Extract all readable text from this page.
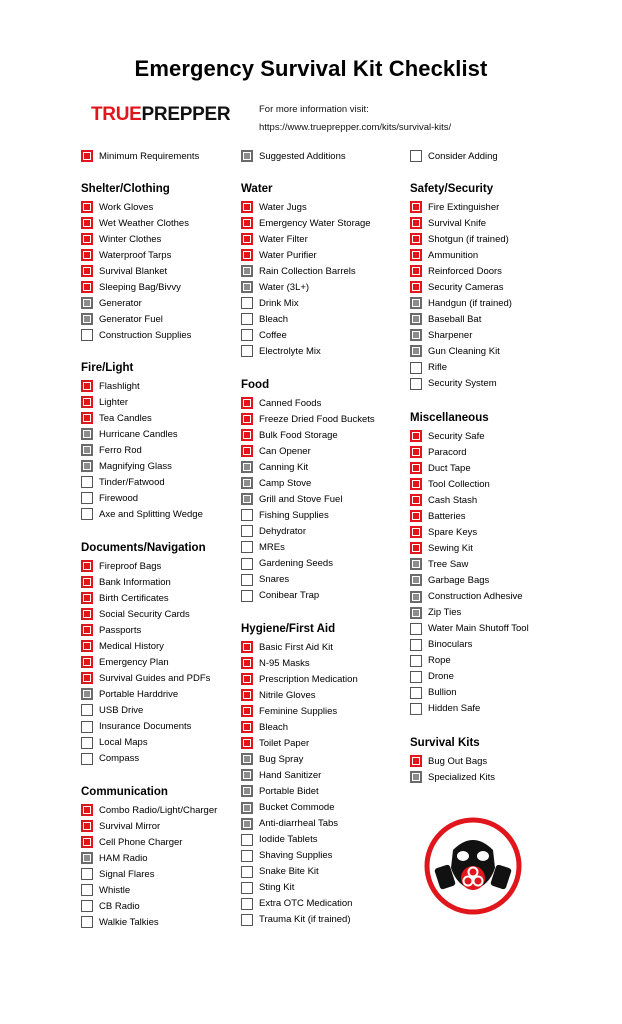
Emergency Survival Kit Checklist
TRUEPREPPER	For more information visit:
https://www.trueprepper.com/kits/survival-kits/
Minimum Requirements	Suggested Additions	Consider Adding
Shelter/Clothing
Work Gloves
Wet Weather Clothes
Winter Clothes
Waterproof Tarps
Survival Blanket
Sleeping Bag/Bivvy
Generator
Generator Fuel
Construction Supplies
Fire/Light
Flashlight
Lighter
Tea Candles
Hurricane Candles
Ferro Rod
Magnifying Glass
Tinder/Fatwood
Firewood
Axe and Splitting Wedge
Documents/Navigation
Fireproof Bags
Bank Information
Birth Certificates
Social Security Cards
Passports
Medical History
Emergency Plan
Survival Guides and PDFs
Portable Harddrive
USB Drive
Insurance Documents
Local Maps
Compass
Communication
Combo Radio/Light/Charger
Survival Mirror
Cell Phone Charger
HAM Radio
Signal Flares
Whistle
CB Radio
Walkie Talkies
Water
Water Jugs
Emergency Water Storage
Water Filter
Water Purifier
Rain Collection Barrels
Water (3L+)
Drink Mix
Bleach
Coffee
Electrolyte Mix
Food
Canned Foods
Freeze Dried Food Buckets
Bulk Food Storage
Can Opener
Canning Kit
Camp Stove
Grill and Stove Fuel
Fishing Supplies
Dehydrator
MREs
Gardening Seeds
Snares
Conibear Trap
Hygiene/First Aid
Basic First Aid Kit
N-95 Masks
Prescription Medication
Nitrile Gloves
Feminine Supplies
Bleach
Toilet Paper
Bug Spray
Hand Sanitizer
Portable Bidet
Bucket Commode
Anti-diarrheal Tabs
Iodide Tablets
Shaving Supplies
Snake Bite Kit
Sting Kit
Extra OTC Medication
Trauma Kit (if trained)
Safety/Security
Fire Extinguisher
Survival Knife
Shotgun (if trained)
Ammunition
Reinforced Doors
Security Cameras
Handgun (if trained)
Baseball Bat
Sharpener
Gun Cleaning Kit
Rifle
Security System
Miscellaneous
Security Safe
Paracord
Duct Tape
Tool Collection
Cash Stash
Batteries
Spare Keys
Sewing Kit
Tree Saw
Garbage Bags
Construction Adhesive
Zip Ties
Water Main Shutoff Tool
Binoculars
Rope
Drone
Bullion
Hidden Safe
Survival Kits
Bug Out Bags
Specialized Kits
